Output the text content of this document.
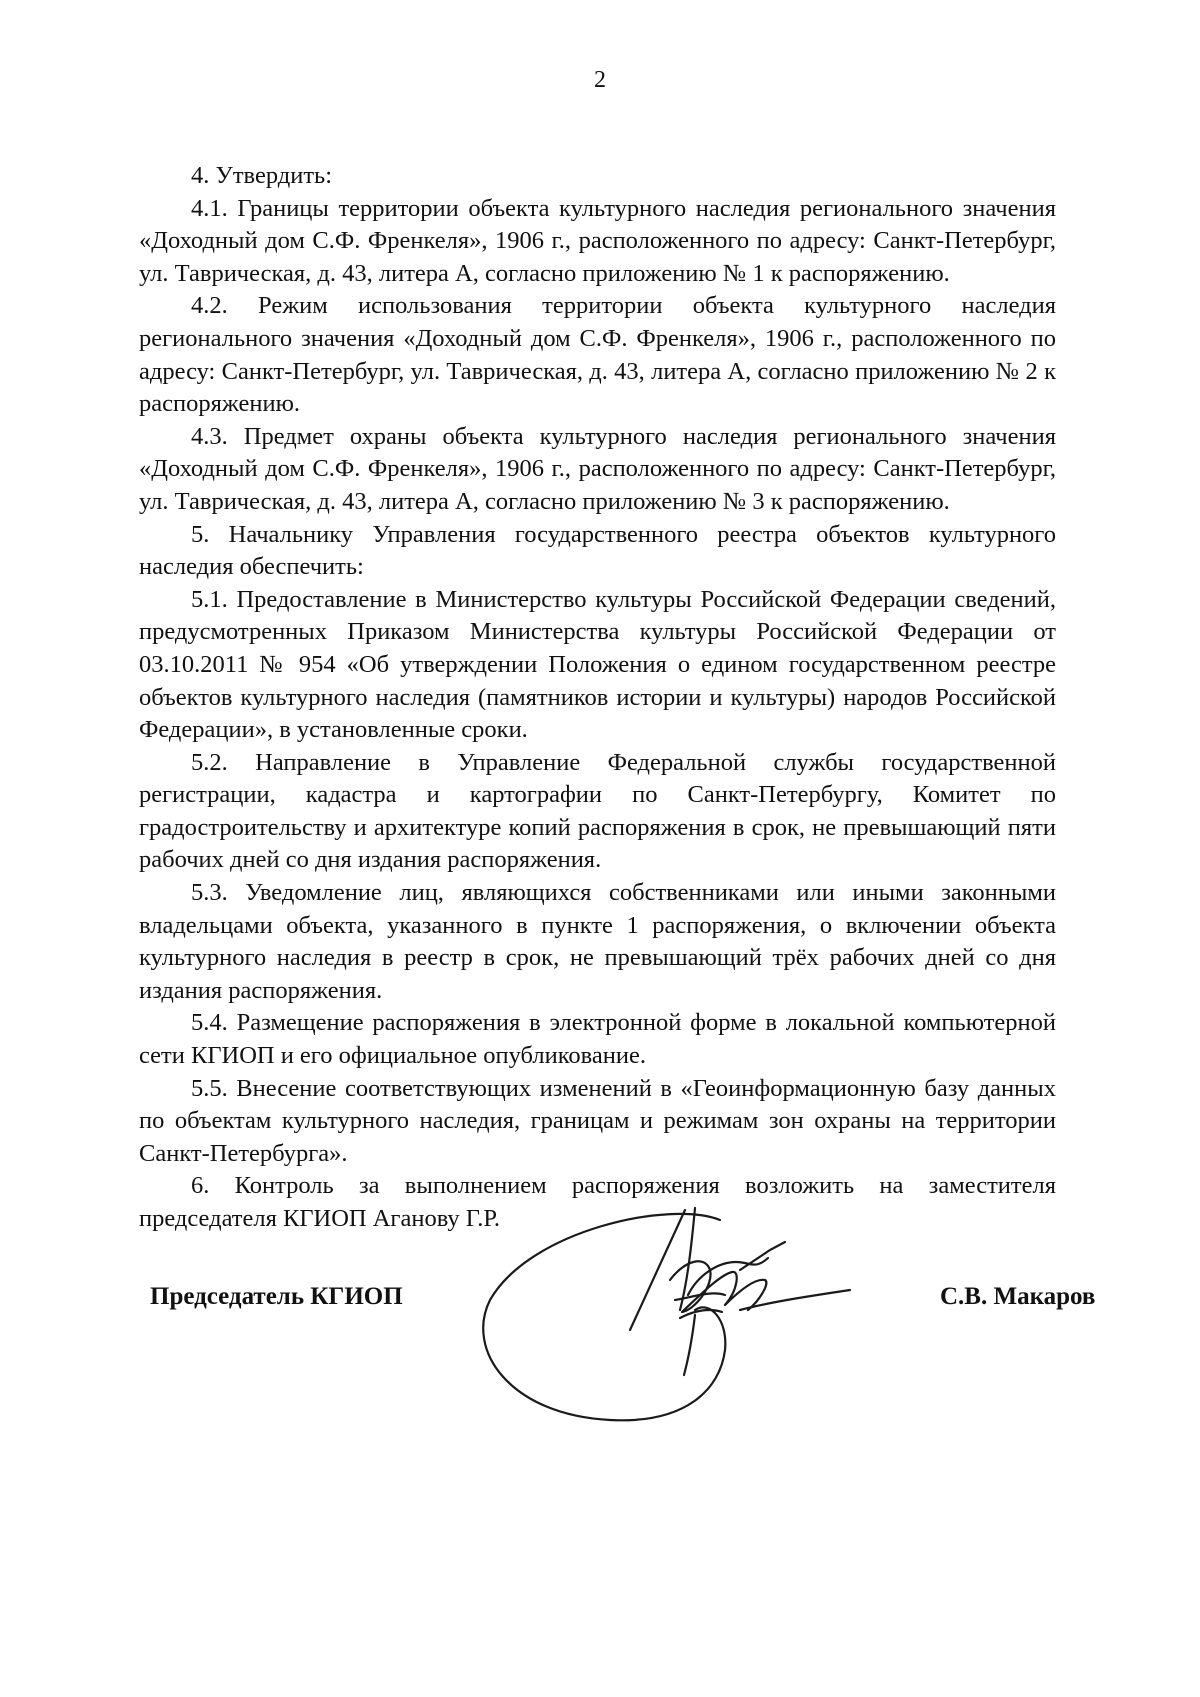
2

4. Утвердить:

4.1. Границы территории объекта культурного наследия регионального значения «Доходный дом С.Ф. Френкеля», 1906 г., расположенного по адресу: Санкт-Петербург, ул. Таврическая, д. 43, литера А, согласно приложению № 1 к распоряжению.

4.2. Режим использования территории объекта культурного наследия регионального значения «Доходный дом С.Ф. Френкеля», 1906 г., расположенного по адресу: Санкт-Петербург, ул. Таврическая, д. 43, литера А, согласно приложению № 2 к распоряжению.

4.3. Предмет охраны объекта культурного наследия регионального значения «Доходный дом С.Ф. Френкеля», 1906 г., расположенного по адресу: Санкт-Петербург, ул. Таврическая, д. 43, литера А, согласно приложению № 3 к распоряжению.

5. Начальнику Управления государственного реестра объектов культурного наследия обеспечить:

5.1. Предоставление в Министерство культуры Российской Федерации сведений, предусмотренных Приказом Министерства культуры Российской Федерации от 03.10.2011 № 954 «Об утверждении Положения о едином государственном реестре объектов культурного наследия (памятников истории и культуры) народов Российской Федерации», в установленные сроки.

5.2. Направление в Управление Федеральной службы государственной регистрации, кадастра и картографии по Санкт-Петербургу, Комитет по градостроительству и архитектуре копий распоряжения в срок, не превышающий пяти рабочих дней со дня издания распоряжения.

5.3. Уведомление лиц, являющихся собственниками или иными законными владельцами объекта, указанного в пункте 1 распоряжения, о включении объекта культурного наследия в реестр в срок, не превышающий трёх рабочих дней со дня издания распоряжения.

5.4. Размещение распоряжения в электронной форме в локальной компьютерной сети КГИОП и его официальное опубликование.

5.5. Внесение соответствующих изменений в «Геоинформационную базу данных по объектам культурного наследия, границам и режимам зон охраны на территории Санкт-Петербурга».

6. Контроль за выполнением распоряжения возложить на заместителя председателя КГИОП Аганову Г.Р.

Председатель КГИОП	С.В. Макаров
